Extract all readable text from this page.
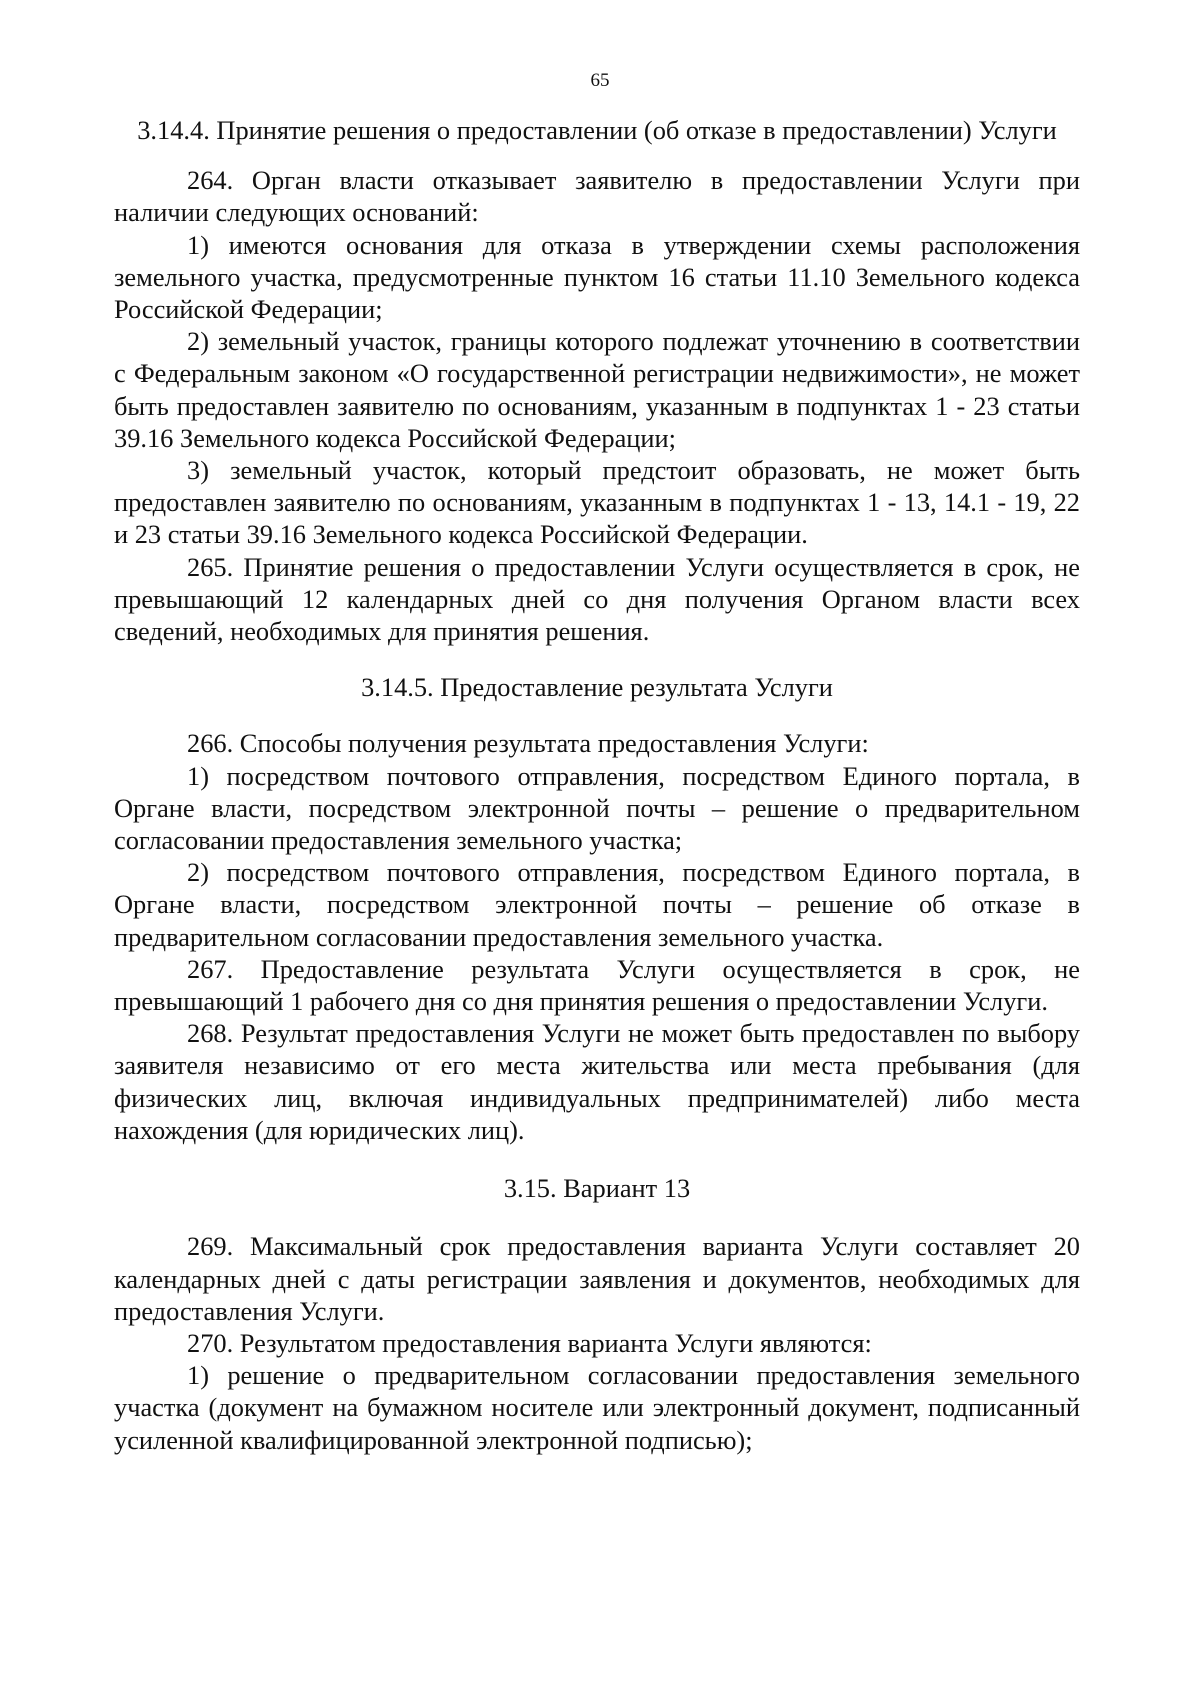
65
3.14.4. Принятие решения о предоставлении (об отказе в предоставлении) Услуги

264. Орган власти отказывает заявителю в предоставлении Услуги при наличии следующих оснований:

1) имеются основания для отказа в утверждении схемы расположения земельного участка, предусмотренные пунктом 16 статьи 11.10 Земельного кодекса Российской Федерации;

2) земельный участок, границы которого подлежат уточнению в соответствии с Федеральным законом «О государственной регистрации недвижимости», не может быть предоставлен заявителю по основаниям, указанным в подпунктах 1 - 23 статьи 39.16 Земельного кодекса Российской Федерации;

3) земельный участок, который предстоит образовать, не может быть предоставлен заявителю по основаниям, указанным в подпунктах 1 - 13, 14.1 - 19, 22 и 23 статьи 39.16 Земельного кодекса Российской Федерации.

265. Принятие решения о предоставлении Услуги осуществляется в срок, не превышающий 12 календарных дней со дня получения Органом власти всех сведений, необходимых для принятия решения.

3.14.5. Предоставление результата Услуги

266. Способы получения результата предоставления Услуги:

1) посредством почтового отправления, посредством Единого портала, в Органе власти, посредством электронной почты – решение о предварительном согласовании предоставления земельного участка;

2) посредством почтового отправления, посредством Единого портала, в Органе власти, посредством электронной почты – решение об отказе в предварительном согласовании предоставления земельного участка.

267. Предоставление результата Услуги осуществляется в срок, не превышающий 1 рабочего дня со дня принятия решения о предоставлении Услуги.

268. Результат предоставления Услуги не может быть предоставлен по выбору заявителя независимо от его места жительства или места пребывания (для физических лиц, включая индивидуальных предпринимателей) либо места нахождения (для юридических лиц).

3.15. Вариант 13

269. Максимальный срок предоставления варианта Услуги составляет 20 календарных дней с даты регистрации заявления и документов, необходимых для предоставления Услуги.

270. Результатом предоставления варианта Услуги являются:

1) решение о предварительном согласовании предоставления земельного участка (документ на бумажном носителе или электронный документ, подписанный усиленной квалифицированной электронной подписью);
